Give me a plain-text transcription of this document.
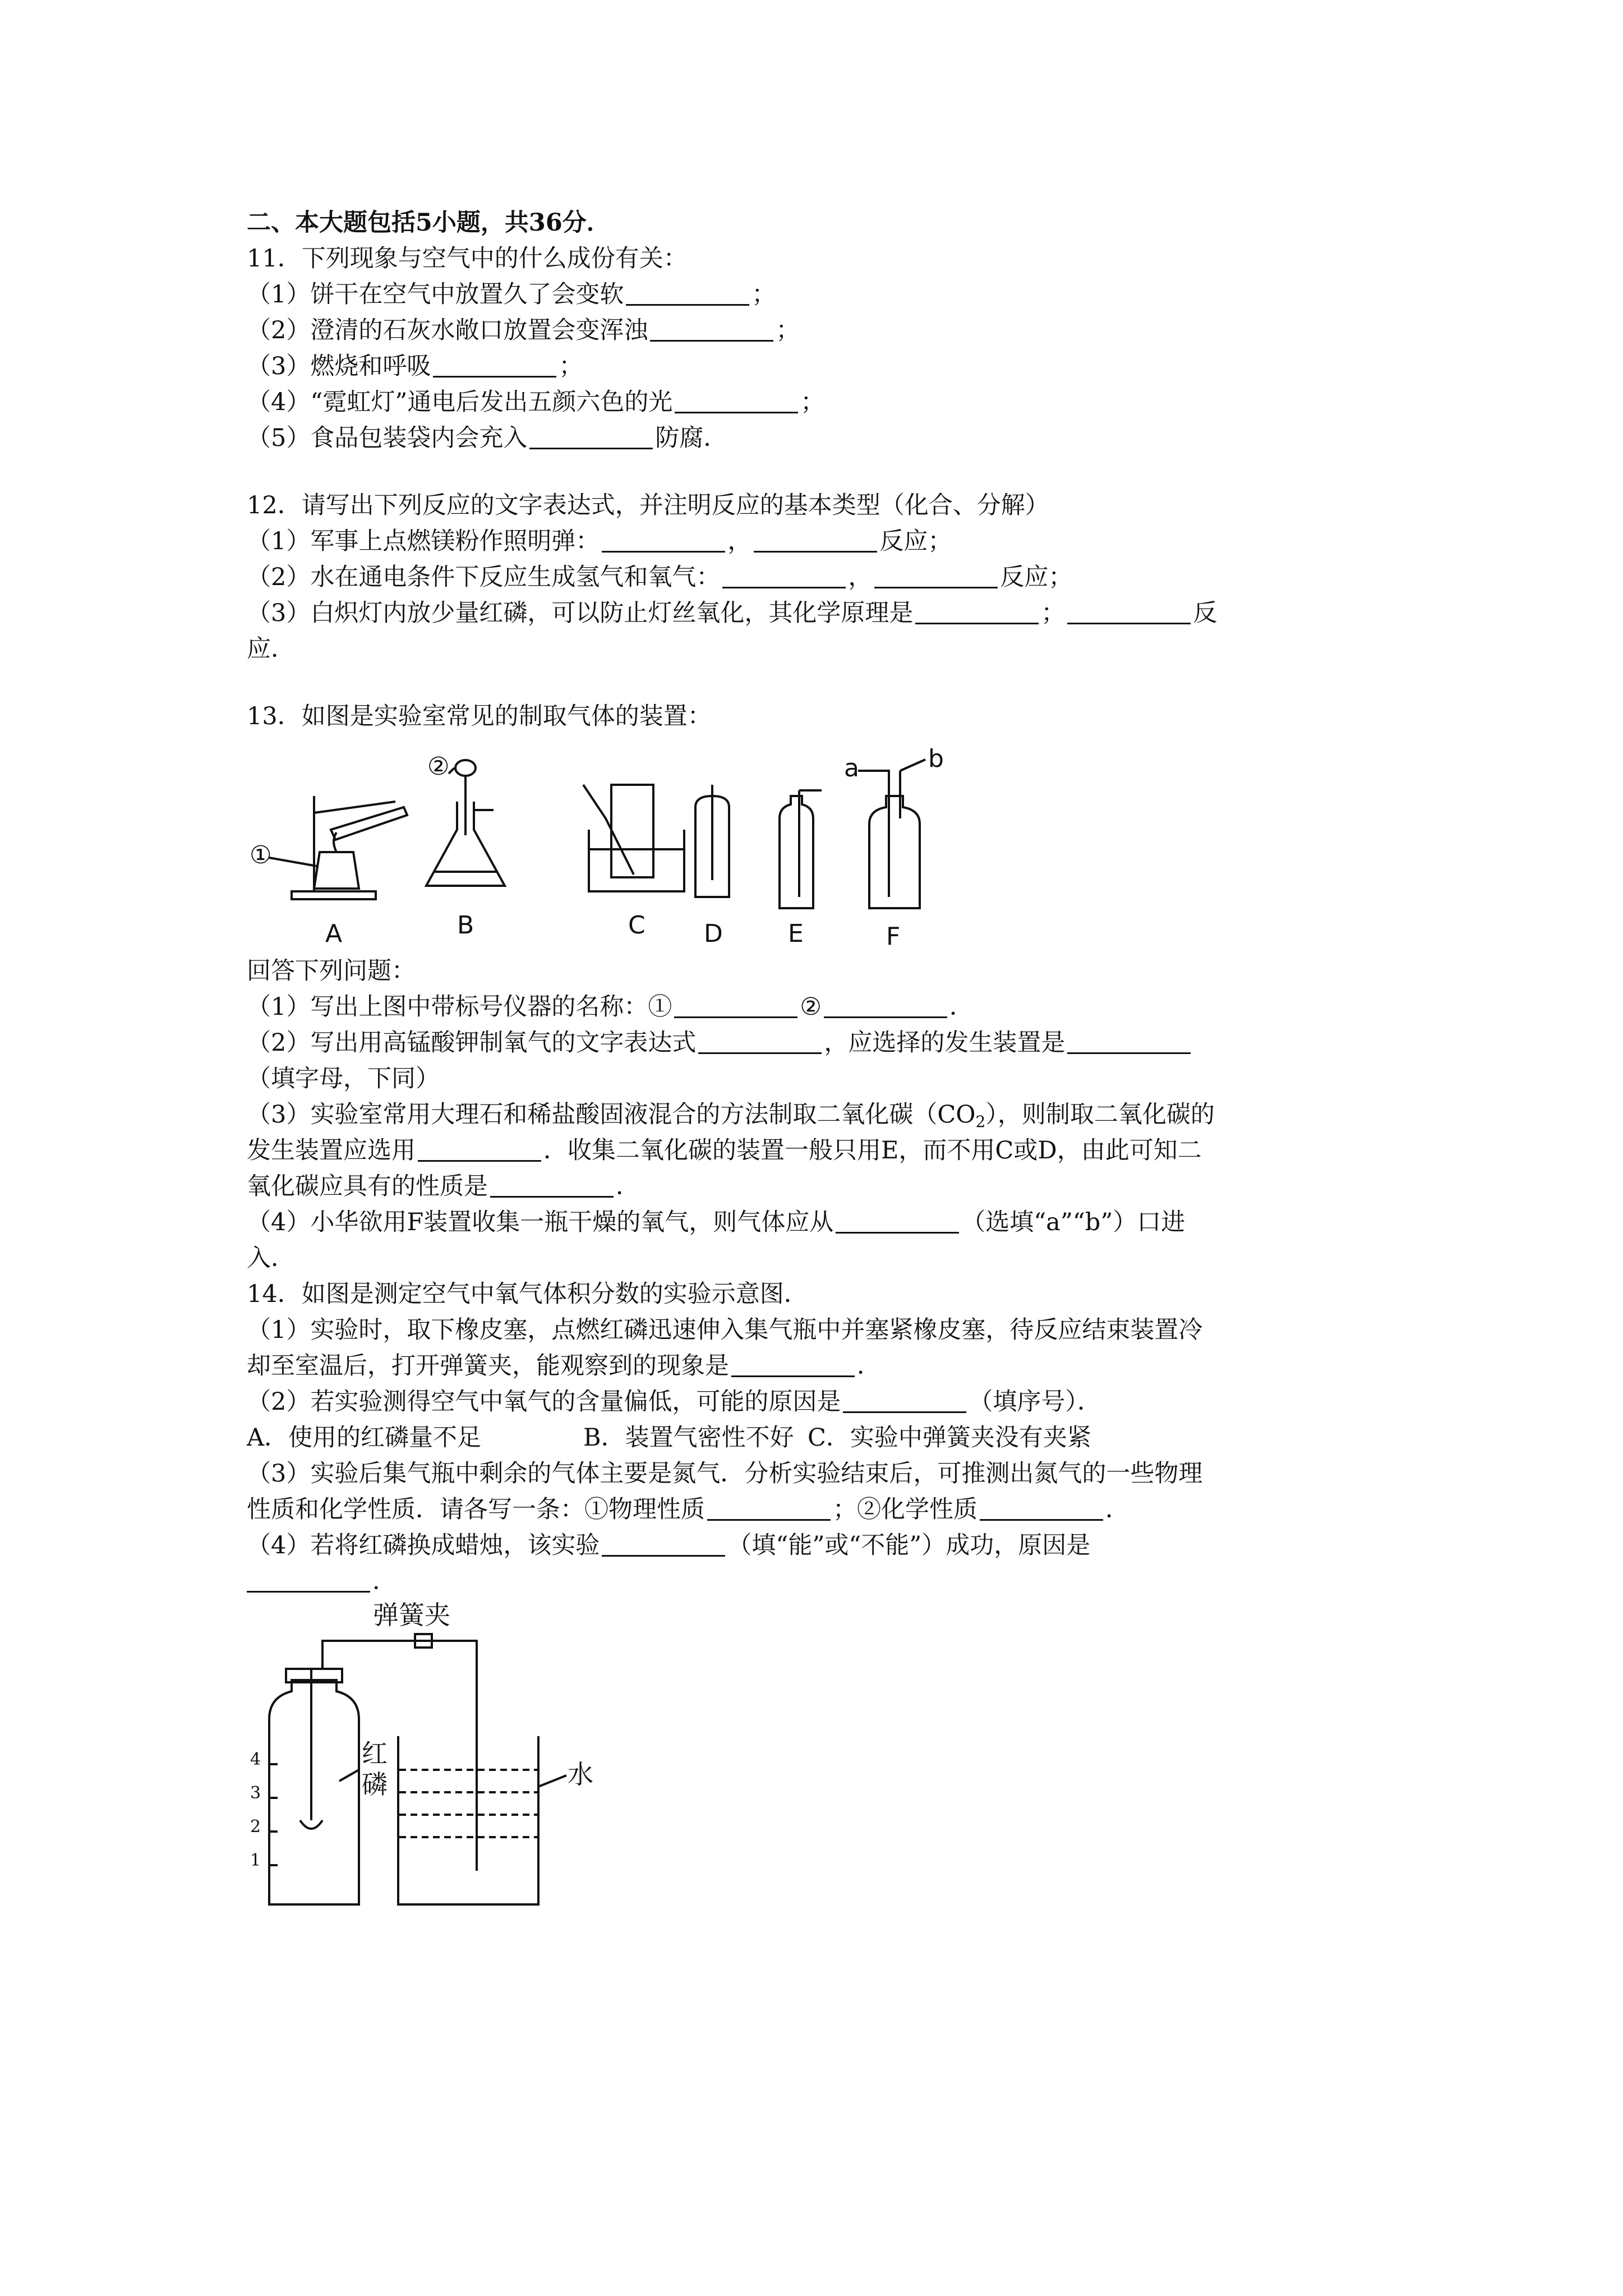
二、本大题包括5小题，共36分．
11．下列现象与空气中的什么成份有关：
（1）饼干在空气中放置久了会变软	；
（2）澄清的石灰水敞口放置会变浑浊	；
（3）燃烧和呼吸	；
（4）“霓虹灯”通电后发出五颜六色的光	；
（5）食品包装袋内会充入	防腐．
12．请写出下列反应的文字表达式，并注明反应的基本类型（化合、分解）
（1）军事上点燃镁粉作照明弹：	，	反应；
（2）水在通电条件下反应生成氢气和氧气：	，	反应；
（3）白炽灯内放少量红磷，可以防止灯丝氧化，其化学原理是	；	反
应．
13．如图是实验室常见的制取气体的装置：
①
②	a	b
A	B	C D	E	F
回答下列问题：
（1）写出上图中带标号仪器的名称：①	②	．
（2）写出用高锰酸钾制氧气的文字表达式	，应选择的发生装置是
（填字母，下同）
（3）实验室常用大理石和稀盐酸固液混合的方法制取二氧化碳$(CO_2)$，则制取二氧化碳的
发生装置应选用	．收集二氧化碳的装置一般只用E，而不用C或D，由此可知二
氧化碳应具有的性质是	．
（4）小华欲用F装置收集一瓶干燥的氧气，则气体应从	（选填“a”“b”）口进
入．
14．如图是测定空气中氧气体积分数的实验示意图．
（1）实验时，取下橡皮塞，点燃红磷迅速伸入集气瓶中并塞紧橡皮塞，待反应结束装置冷
却至室温后，打开弹簧夹，能观察到的现象是	．
（2）若实验测得空气中氧气的含量偏低，可能的原因是	（填序号）．
A．使用的红磷量不足	B．装置气密性不好 C．实验中弹簧夹没有夹紧
（3）实验后集气瓶中剩余的气体主要是氮气．分析实验结束后，可推测出氮气的一些物理
性质和化学性质．请各写一条：①物理性质	；②化学性质	．
（4）若将红磷换成蜡烛，该实验	（填“能”或“不能”）成功，原因是
．
弹簧夹
红
磷	水
4
3
2
1
